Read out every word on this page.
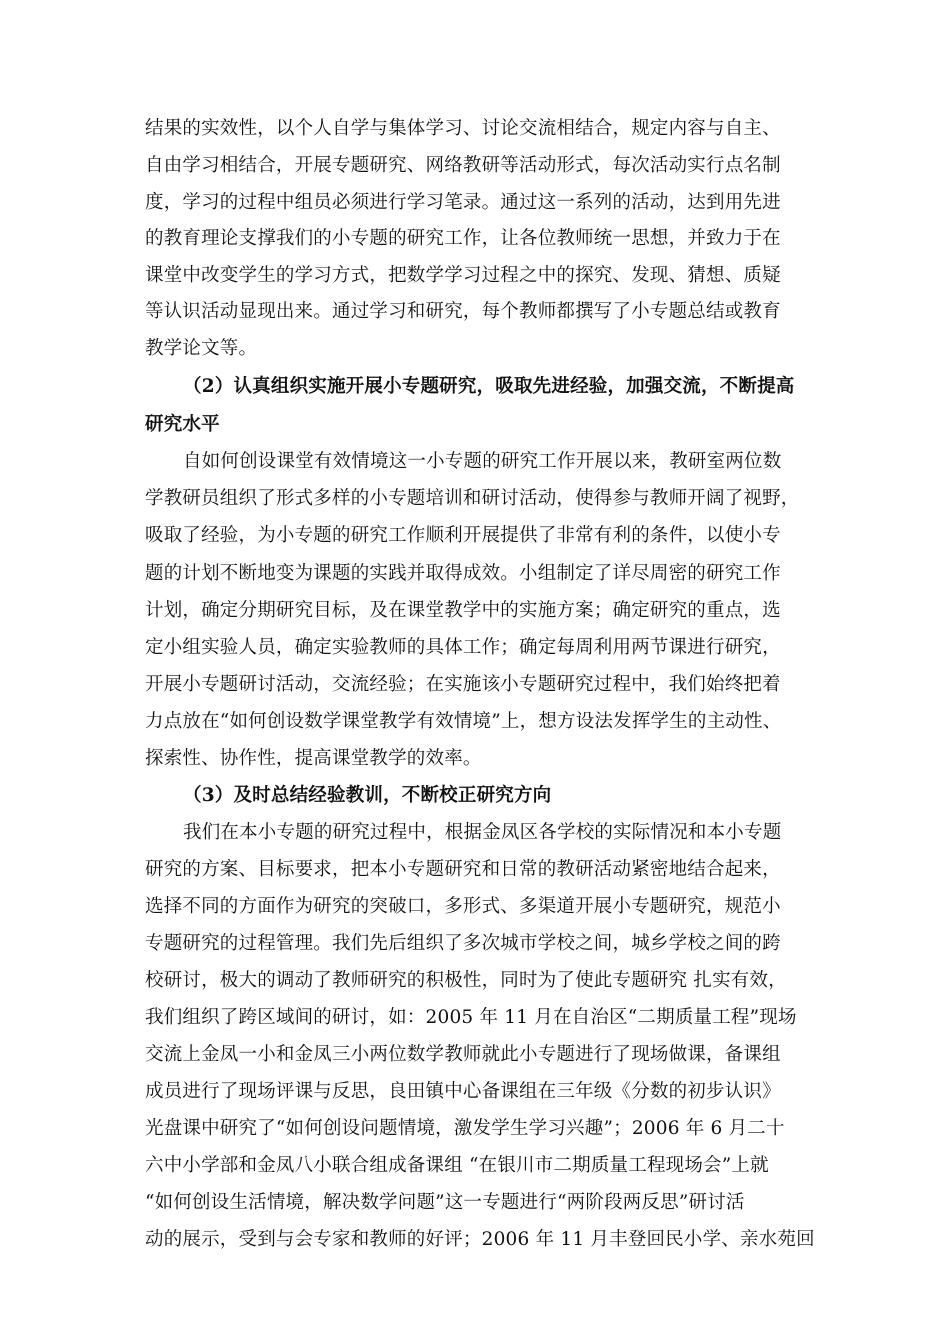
结果的实效性，以个人自学与集体学习、讨论交流相结合，规定内容与自主、
自由学习相结合，开展专题研究、网络教研等活动形式，每次活动实行点名制
度，学习的过程中组员必须进行学习笔录。通过这一系列的活动，达到用先进
的教育理论支撑我们的小专题的研究工作，让各位教师统一思想，并致力于在
课堂中改变学生的学习方式，把数学学习过程之中的探究、发现、猜想、质疑
等认识活动显现出来。通过学习和研究，每个教师都撰写了小专题总结或教育
教学论文等。
（2）认真组织实施开展小专题研究，吸取先进经验，加强交流，不断提高
研究水平
自如何创设课堂有效情境这一小专题的研究工作开展以来，教研室两位数
学教研员组织了形式多样的小专题培训和研讨活动，使得参与教师开阔了视野，
吸取了经验，为小专题的研究工作顺利开展提供了非常有利的条件，以使小专
题的计划不断地变为课题的实践并取得成效。小组制定了详尽周密的研究工作
计划，确定分期研究目标，及在课堂教学中的实施方案；确定研究的重点，选
定小组实验人员，确定实验教师的具体工作；确定每周利用两节课进行研究，
开展小专题研讨活动，交流经验；在实施该小专题研究过程中，我们始终把着
力点放在“如何创设数学课堂教学有效情境”上，想方设法发挥学生的主动性、
探索性、协作性，提高课堂教学的效率。
（3）及时总结经验教训，不断校正研究方向
我们在本小专题的研究过程中，根据金凤区各学校的实际情况和本小专题
研究的方案、目标要求，把本小专题研究和日常的教研活动紧密地结合起来，
选择不同的方面作为研究的突破口，多形式、多渠道开展小专题研究，规范小
专题研究的过程管理。我们先后组织了多次城市学校之间，城乡学校之间的跨
校研讨，极大的调动了教师研究的积极性，同时为了使此专题研究 扎实有效，
我们组织了跨区域间的研讨，如：2005 年 11 月在自治区“二期质量工程”现场
交流上金凤一小和金凤三小两位数学教师就此小专题进行了现场做课，备课组
成员进行了现场评课与反思，良田镇中心备课组在三年级《分数的初步认识》
光盘课中研究了“如何创设问题情境，激发学生学习兴趣”；2006 年 6 月二十
六中小学部和金凤八小联合组成备课组 “在银川市二期质量工程现场会”上就
“如何创设生活情境，解决数学问题”这一专题进行“两阶段两反思”研讨活
动的展示，受到与会专家和教师的好评；2006 年 11 月丰登回民小学、亲水苑回
